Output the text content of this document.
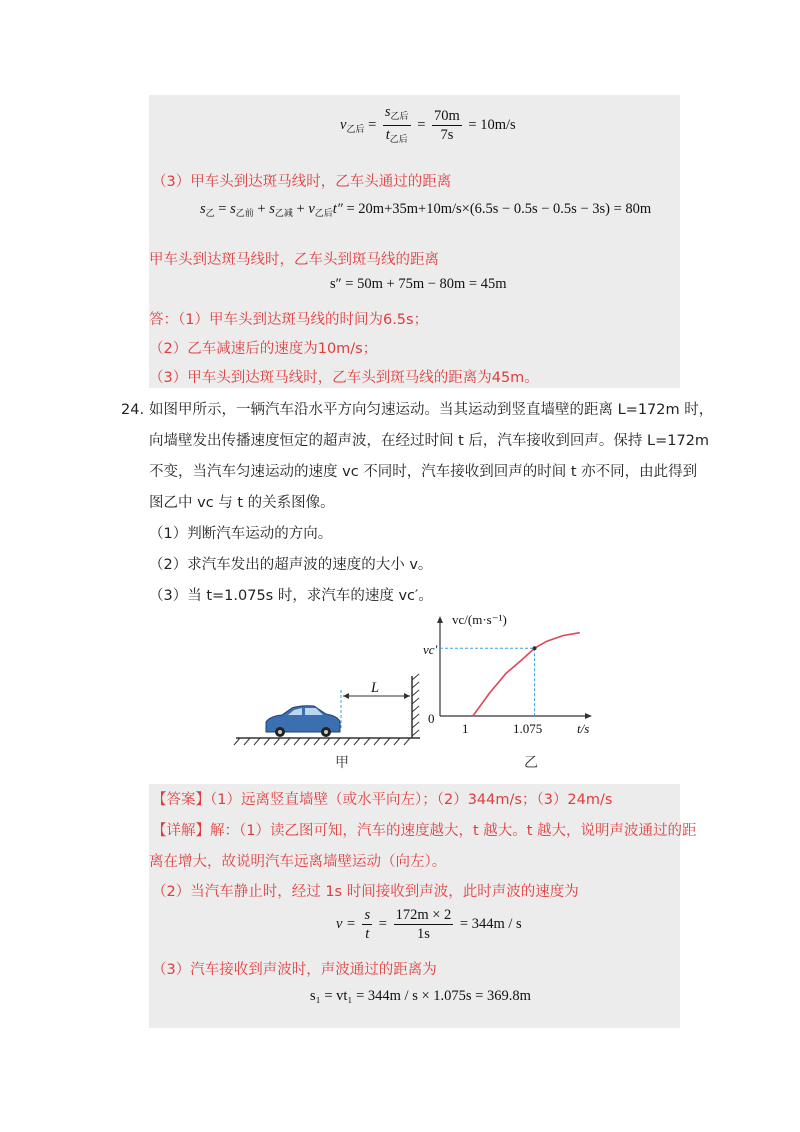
$v_{乙后} = \frac{s_{乙后}}{t_{乙后}} = \frac{70m}{7s} = 10m/s$
（3）甲车头到达斑马线时，乙车头通过的距离
$s_乙 = s_{乙前} + s_{乙减} + v_{乙后}t'' = 20m+35m+10m/s\times(6.5s - 0.5s - 0.5s - 3s) = 80m$
甲车头到达斑马线时，乙车头到斑马线的距离
s″ = 50m + 75m − 80m = 45m
答：（1）甲车头到达斑马线的时间为6.5s；
（2）乙车减速后的速度为10m/s；
（3）甲车头到达斑马线时，乙车头到斑马线的距离为45m。
24. 如图甲所示，一辆汽车沿水平方向匀速运动。当其运动到竖直墙壁的距离 L=172m 时，
向墙壁发出传播速度恒定的超声波，在经过时间 t 后，汽车接收到回声。保持 L=172m
不变，当汽车匀速运动的速度 vc 不同时，汽车接收到回声的时间 t 亦不同，由此得到
图乙中 vc 与 t 的关系图像。
（1）判断汽车运动的方向。
（2）求汽车发出的超声波的速度的大小 v。
（3）当 t=1.075s 时，求汽车的速度 vc′。
L
甲
vc/(m·s⁻¹)
vc′
0
1	1.075	t/s
乙
【答案】（1）远离竖直墙壁（或水平向左）；（2）344m/s；（3）24m/s
【详解】解：（1）读乙图可知，汽车的速度越大，t 越大。t 越大，说明声波通过的距
离在增大，故说明汽车远离墙壁运动（向左）。
（2）当汽车静止时，经过 1s 时间接收到声波，此时声波的速度为
$v = \frac{s}{t} = \frac{172m \times 2}{1s} = 344m / s$
（3）汽车接收到声波时，声波通过的距离为
s₁ = vt₁ = 344m / s × 1.075s = 369.8m
